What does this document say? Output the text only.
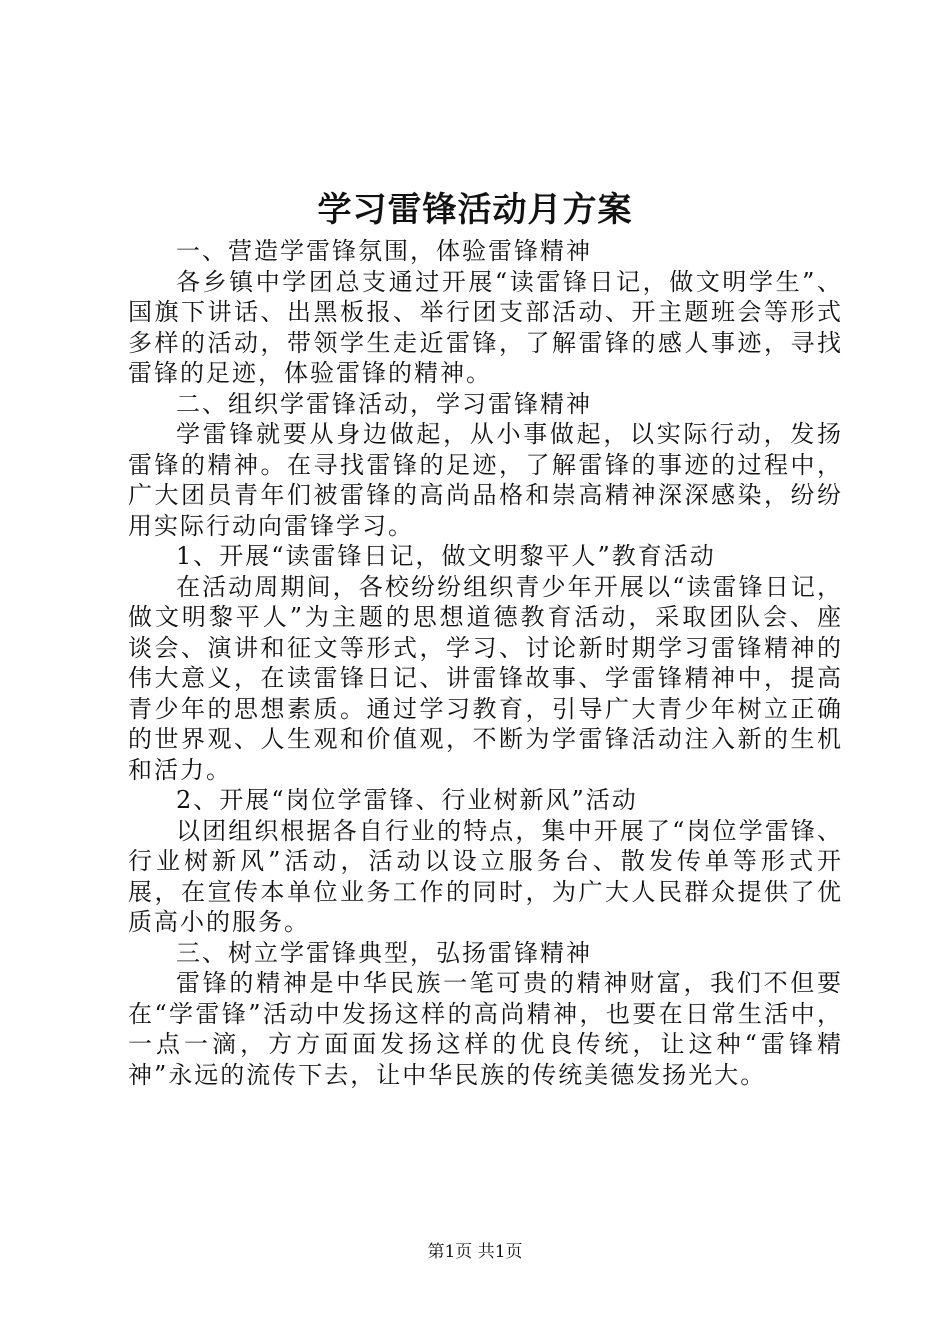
学习雷锋活动月方案

一、营造学雷锋氛围，体验雷锋精神

各乡镇中学团总支通过开展“读雷锋日记，做文明学生”、国旗下讲话、出黑板报、举行团支部活动、开主题班会等形式多样的活动，带领学生走近雷锋，了解雷锋的感人事迹，寻找雷锋的足迹，体验雷锋的精神。

二、组织学雷锋活动，学习雷锋精神

学雷锋就要从身边做起，从小事做起，以实际行动，发扬雷锋的精神。在寻找雷锋的足迹，了解雷锋的事迹的过程中，广大团员青年们被雷锋的高尚品格和崇高精神深深感染，纷纷用实际行动向雷锋学习。

1、开展“读雷锋日记，做文明黎平人”教育活动

在活动周期间，各校纷纷组织青少年开展以“读雷锋日记，做文明黎平人”为主题的思想道德教育活动，采取团队会、座谈会、演讲和征文等形式，学习、讨论新时期学习雷锋精神的伟大意义，在读雷锋日记、讲雷锋故事、学雷锋精神中，提高青少年的思想素质。通过学习教育，引导广大青少年树立正确的世界观、人生观和价值观，不断为学雷锋活动注入新的生机和活力。

2、开展“岗位学雷锋、行业树新风”活动

以团组织根据各自行业的特点，集中开展了“岗位学雷锋、行业树新风”活动，活动以设立服务台、散发传单等形式开展，在宣传本单位业务工作的同时，为广大人民群众提供了优质高小的服务。

三、树立学雷锋典型，弘扬雷锋精神

雷锋的精神是中华民族一笔可贵的精神财富，我们不但要在“学雷锋”活动中发扬这样的高尚精神，也要在日常生活中，一点一滴，方方面面发扬这样的优良传统，让这种“雷锋精神”永远的流传下去，让中华民族的传统美德发扬光大。

第1页 共1页
